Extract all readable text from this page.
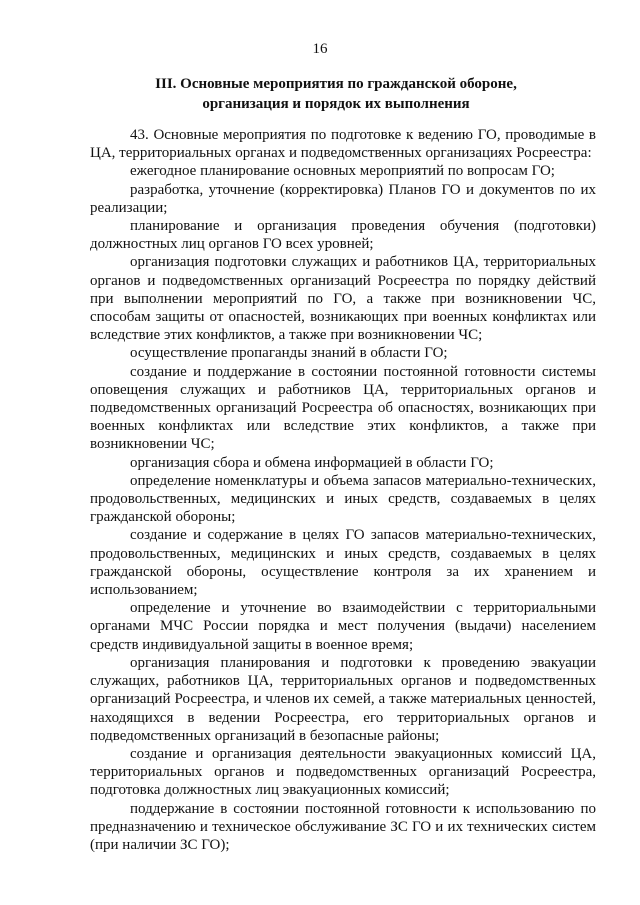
16
III. Основные мероприятия по гражданской обороне,
организация и порядок их выполнения

43. Основные мероприятия по подготовке к ведению ГО, проводимые в ЦА, территориальных органах и подведомственных организациях Росреестра:

ежегодное планирование основных мероприятий по вопросам ГО;

разработка, уточнение (корректировка) Планов ГО и документов по их реализации;

планирование и организация проведения обучения (подготовки) должностных лиц органов ГО всех уровней;

организация подготовки служащих и работников ЦА, территориальных органов и подведомственных организаций Росреестра по порядку действий при выполнении мероприятий по ГО, а также при возникновении ЧС, способам защиты от опасностей, возникающих при военных конфликтах или вследствие этих конфликтов, а также при возникновении ЧС;

осуществление пропаганды знаний в области ГО;

создание и поддержание в состоянии постоянной готовности системы оповещения служащих и работников ЦА, территориальных органов и подведомственных организаций Росреестра об опасностях, возникающих при военных конфликтах или вследствие этих конфликтов, а также при возникновении ЧС;

организация сбора и обмена информацией в области ГО;

определение номенклатуры и объема запасов материально-технических, продовольственных, медицинских и иных средств, создаваемых в целях гражданской обороны;

создание и содержание в целях ГО запасов материально-технических, продовольственных, медицинских и иных средств, создаваемых в целях гражданской обороны, осуществление контроля за их хранением и использованием;

определение и уточнение во взаимодействии с территориальными органами МЧС России порядка и мест получения (выдачи) населением средств индивидуальной защиты в военное время;

организация планирования и подготовки к проведению эвакуации служащих, работников ЦА, территориальных органов и подведомственных организаций Росреестра, и членов их семей, а также материальных ценностей, находящихся в ведении Росреестра, его территориальных органов и подведомственных организаций в безопасные районы;

создание и организация деятельности эвакуационных комиссий ЦА, территориальных органов и подведомственных организаций Росреестра, подготовка должностных лиц эвакуационных комиссий;

поддержание в состоянии постоянной готовности к использованию по предназначению и техническое обслуживание ЗС ГО и их технических систем (при наличии ЗС ГО);
